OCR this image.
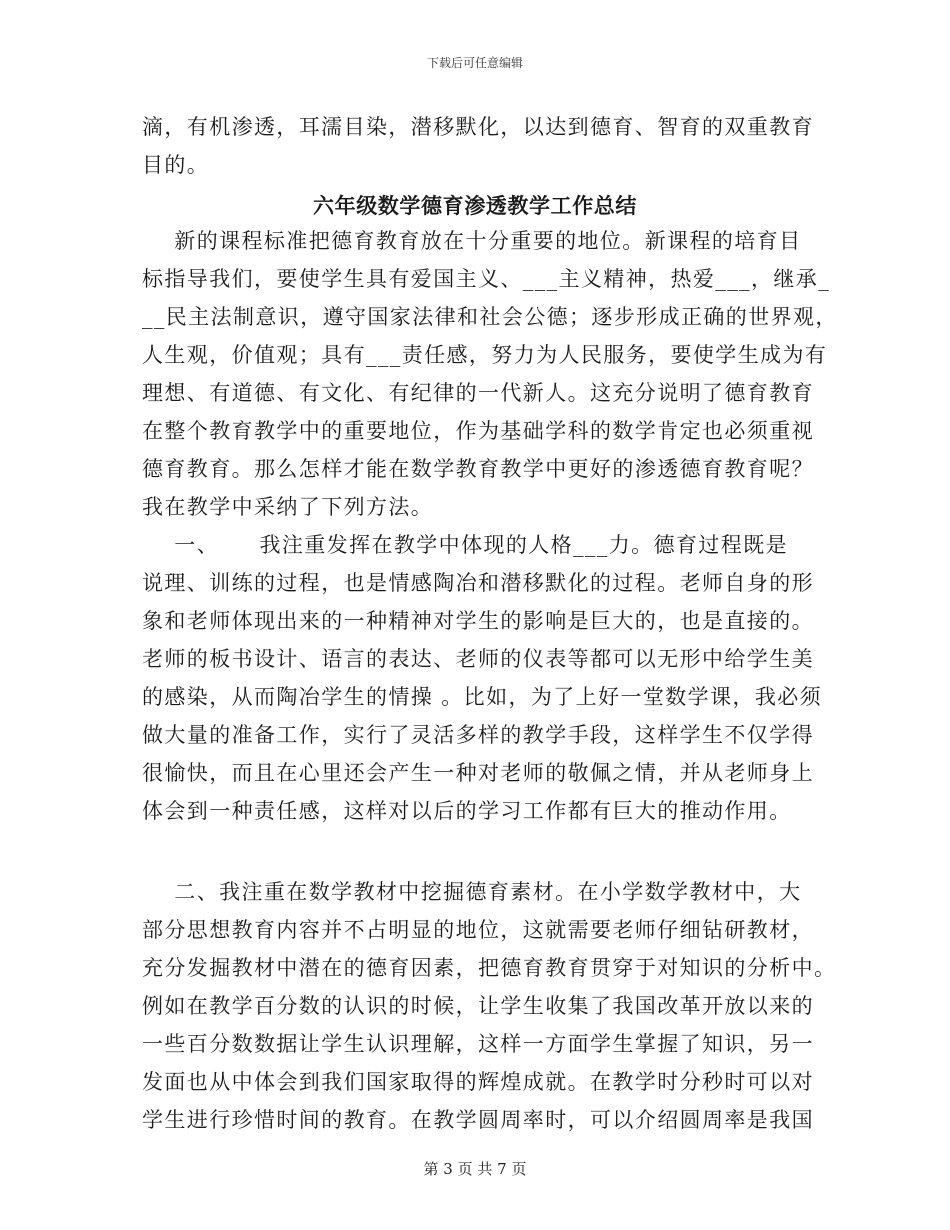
下载后可任意编辑
滴，有机渗透，耳濡目染，潜移默化，以达到德育、智育的双重教育
目的。
六年级数学德育渗透教学工作总结
新的课程标准把德育教育放在十分重要的地位。新课程的培育目
标指导我们，要使学生具有爱国主义、___主义精神，热爱___，继承_
__民主法制意识，遵守国家法律和社会公德；逐步形成正确的世界观，
人生观，价值观；具有___责任感，努力为人民服务，要使学生成为有
理想、有道德、有文化、有纪律的一代新人。这充分说明了德育教育
在整个教育教学中的重要地位，作为基础学科的数学肯定也必须重视
德育教育。那么怎样才能在数学教育教学中更好的渗透德育教育呢？
我在教学中采纳了下列方法。
一、     我注重发挥在教学中体现的人格___力。德育过程既是
说理、训练的过程，也是情感陶冶和潜移默化的过程。老师自身的形
象和老师体现出来的一种精神对学生的影响是巨大的，也是直接的。
老师的板书设计、语言的表达、老师的仪表等都可以无形中给学生美
的感染，从而陶冶学生的情操 。比如，为了上好一堂数学课，我必须
做大量的准备工作，实行了灵活多样的教学手段，这样学生不仅学得
很愉快，而且在心里还会产生一种对老师的敬佩之情，并从老师身上
体会到一种责任感，这样对以后的学习工作都有巨大的推动作用。
二、我注重在数学教材中挖掘德育素材。在小学数学教材中，大
部分思想教育内容并不占明显的地位，这就需要老师仔细钻研教材，
充分发掘教材中潜在的德育因素，把德育教育贯穿于对知识的分析中。
例如在教学百分数的认识的时候，让学生收集了我国改革开放以来的
一些百分数数据让学生认识理解，这样一方面学生掌握了知识，另一
发面也从中体会到我们国家取得的辉煌成就。在教学时分秒时可以对
学生进行珍惜时间的教育。在教学圆周率时，可以介绍圆周率是我国
第 3 页 共 7 页
